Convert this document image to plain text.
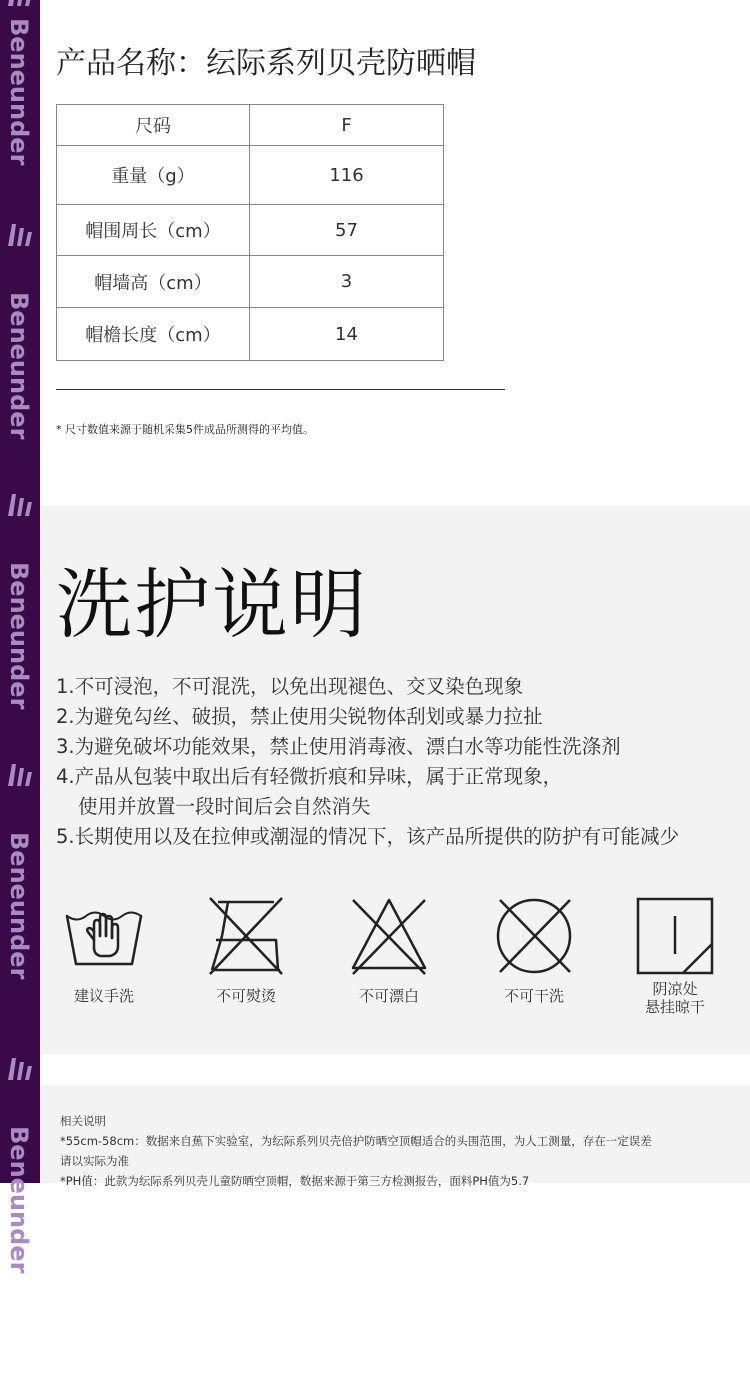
Beneunder
Beneunder
Beneunder
Beneunder
Beneunder
产品名称：纭际系列贝壳防晒帽
尺码	F
重量（g）	116
帽围周长（cm）	57
帽墙高（cm）	3
帽檐长度（cm）	14
* 尺寸数值来源于随机采集5件成品所测得的平均值。
洗护说明
1.不可浸泡，不可混洗，以免出现褪色、交叉染色现象
2.为避免勾丝、破损，禁止使用尖锐物体刮划或暴力拉扯
3.为避免破坏功能效果，禁止使用消毒液、漂白水等功能性洗涤剂
4.产品从包装中取出后有轻微折痕和异味，属于正常现象，
使用并放置一段时间后会自然消失
5.长期使用以及在拉伸或潮湿的情况下，该产品所提供的防护有可能减少
建议手洗	不可熨烫	不可漂白	不可干洗	阴凉处
悬挂晾干
相关说明
*55cm-58cm：数据来自蕉下实验室，为纭际系列贝壳倍护防晒空顶帽适合的头围范围，为人工测量，存在一定误差
请以实际为准
*PH值：此款为纭际系列贝壳儿童防晒空顶帽，数据来源于第三方检测报告，面料PH值为5.7
